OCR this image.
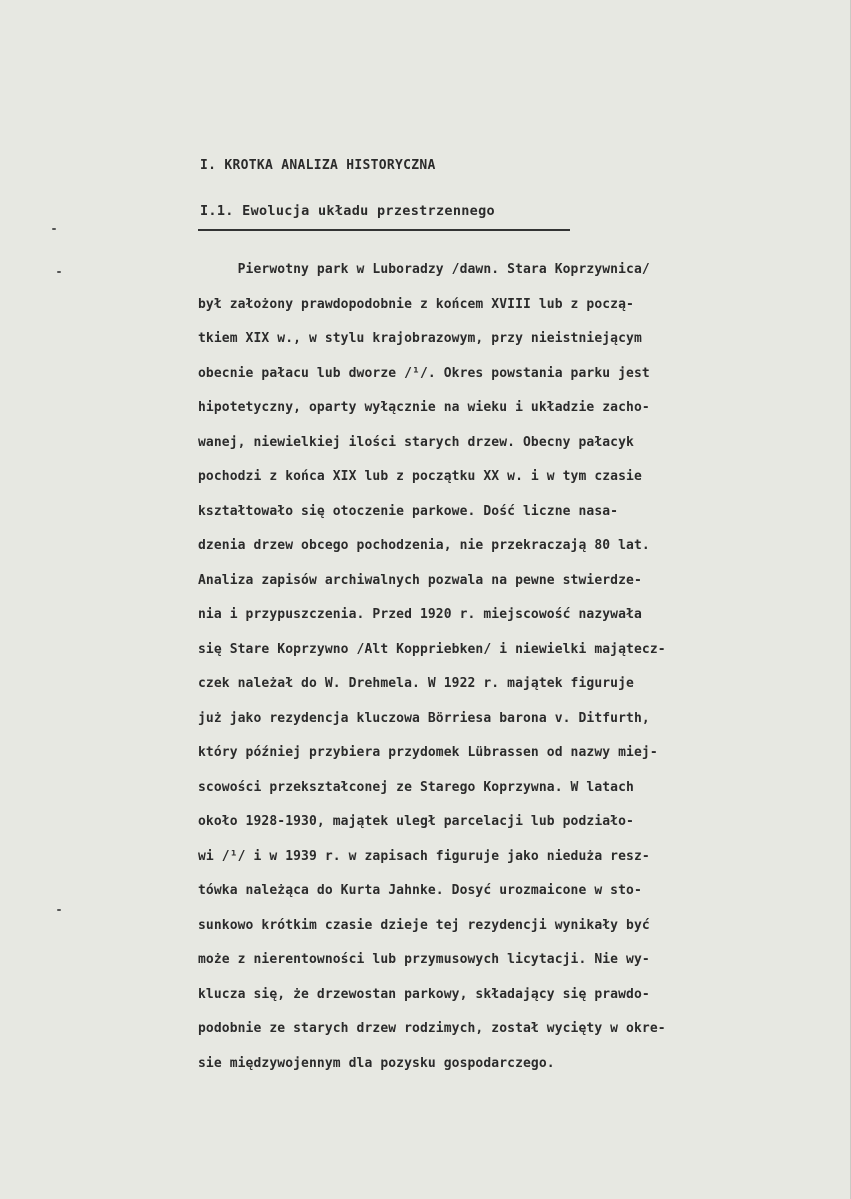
I. KROTKA ANALIZA HISTORYCZNA
I.1. Ewolucja układu przestrzennego
Pierwotny park w Luboradzy /dawn. Stara Koprzywnica/
był założony prawdopodobnie z końcem XVIII lub z począ-
tkiem XIX w., w stylu krajobrazowym, przy nieistniejącym
obecnie pałacu lub dworze /¹/. Okres powstania parku jest
hipotetyczny, oparty wyłącznie na wieku i układzie zacho-
wanej, niewielkiej ilości starych drzew. Obecny pałacyk
pochodzi z końca XIX lub z początku XX w. i w tym czasie
kształtowało się otoczenie parkowe. Dość liczne nasa-
dzenia drzew obcego pochodzenia, nie przekraczają 80 lat.
Analiza zapisów archiwalnych pozwala na pewne stwierdze-
nia i przypuszczenia. Przed 1920 r. miejscowość nazywała
się Stare Koprzywno /Alt Koppriebken/ i niewielki majątecz-
czek należał do W. Drehmela. W 1922 r. majątek figuruje
już jako rezydencja kluczowa Börriesa barona v. Ditfurth,
który później przybiera przydomek Lübrassen od nazwy miej-
scowości przekształconej ze Starego Koprzywna. W latach
około 1928-1930, majątek uległ parcelacji lub podziało-
wi /¹/ i w 1939 r. w zapisach figuruje jako nieduża resz-
tówka należąca do Kurta Jahnke. Dosyć urozmaicone w sto-
sunkowo krótkim czasie dzieje tej rezydencji wynikały być
może z nierentowności lub przymusowych licytacji. Nie wy-
klucza się, że drzewostan parkowy, składający się prawdo-
podobnie ze starych drzew rodzimych, został wycięty w okre-
sie międzywojennym dla pozysku gospodarczego.
